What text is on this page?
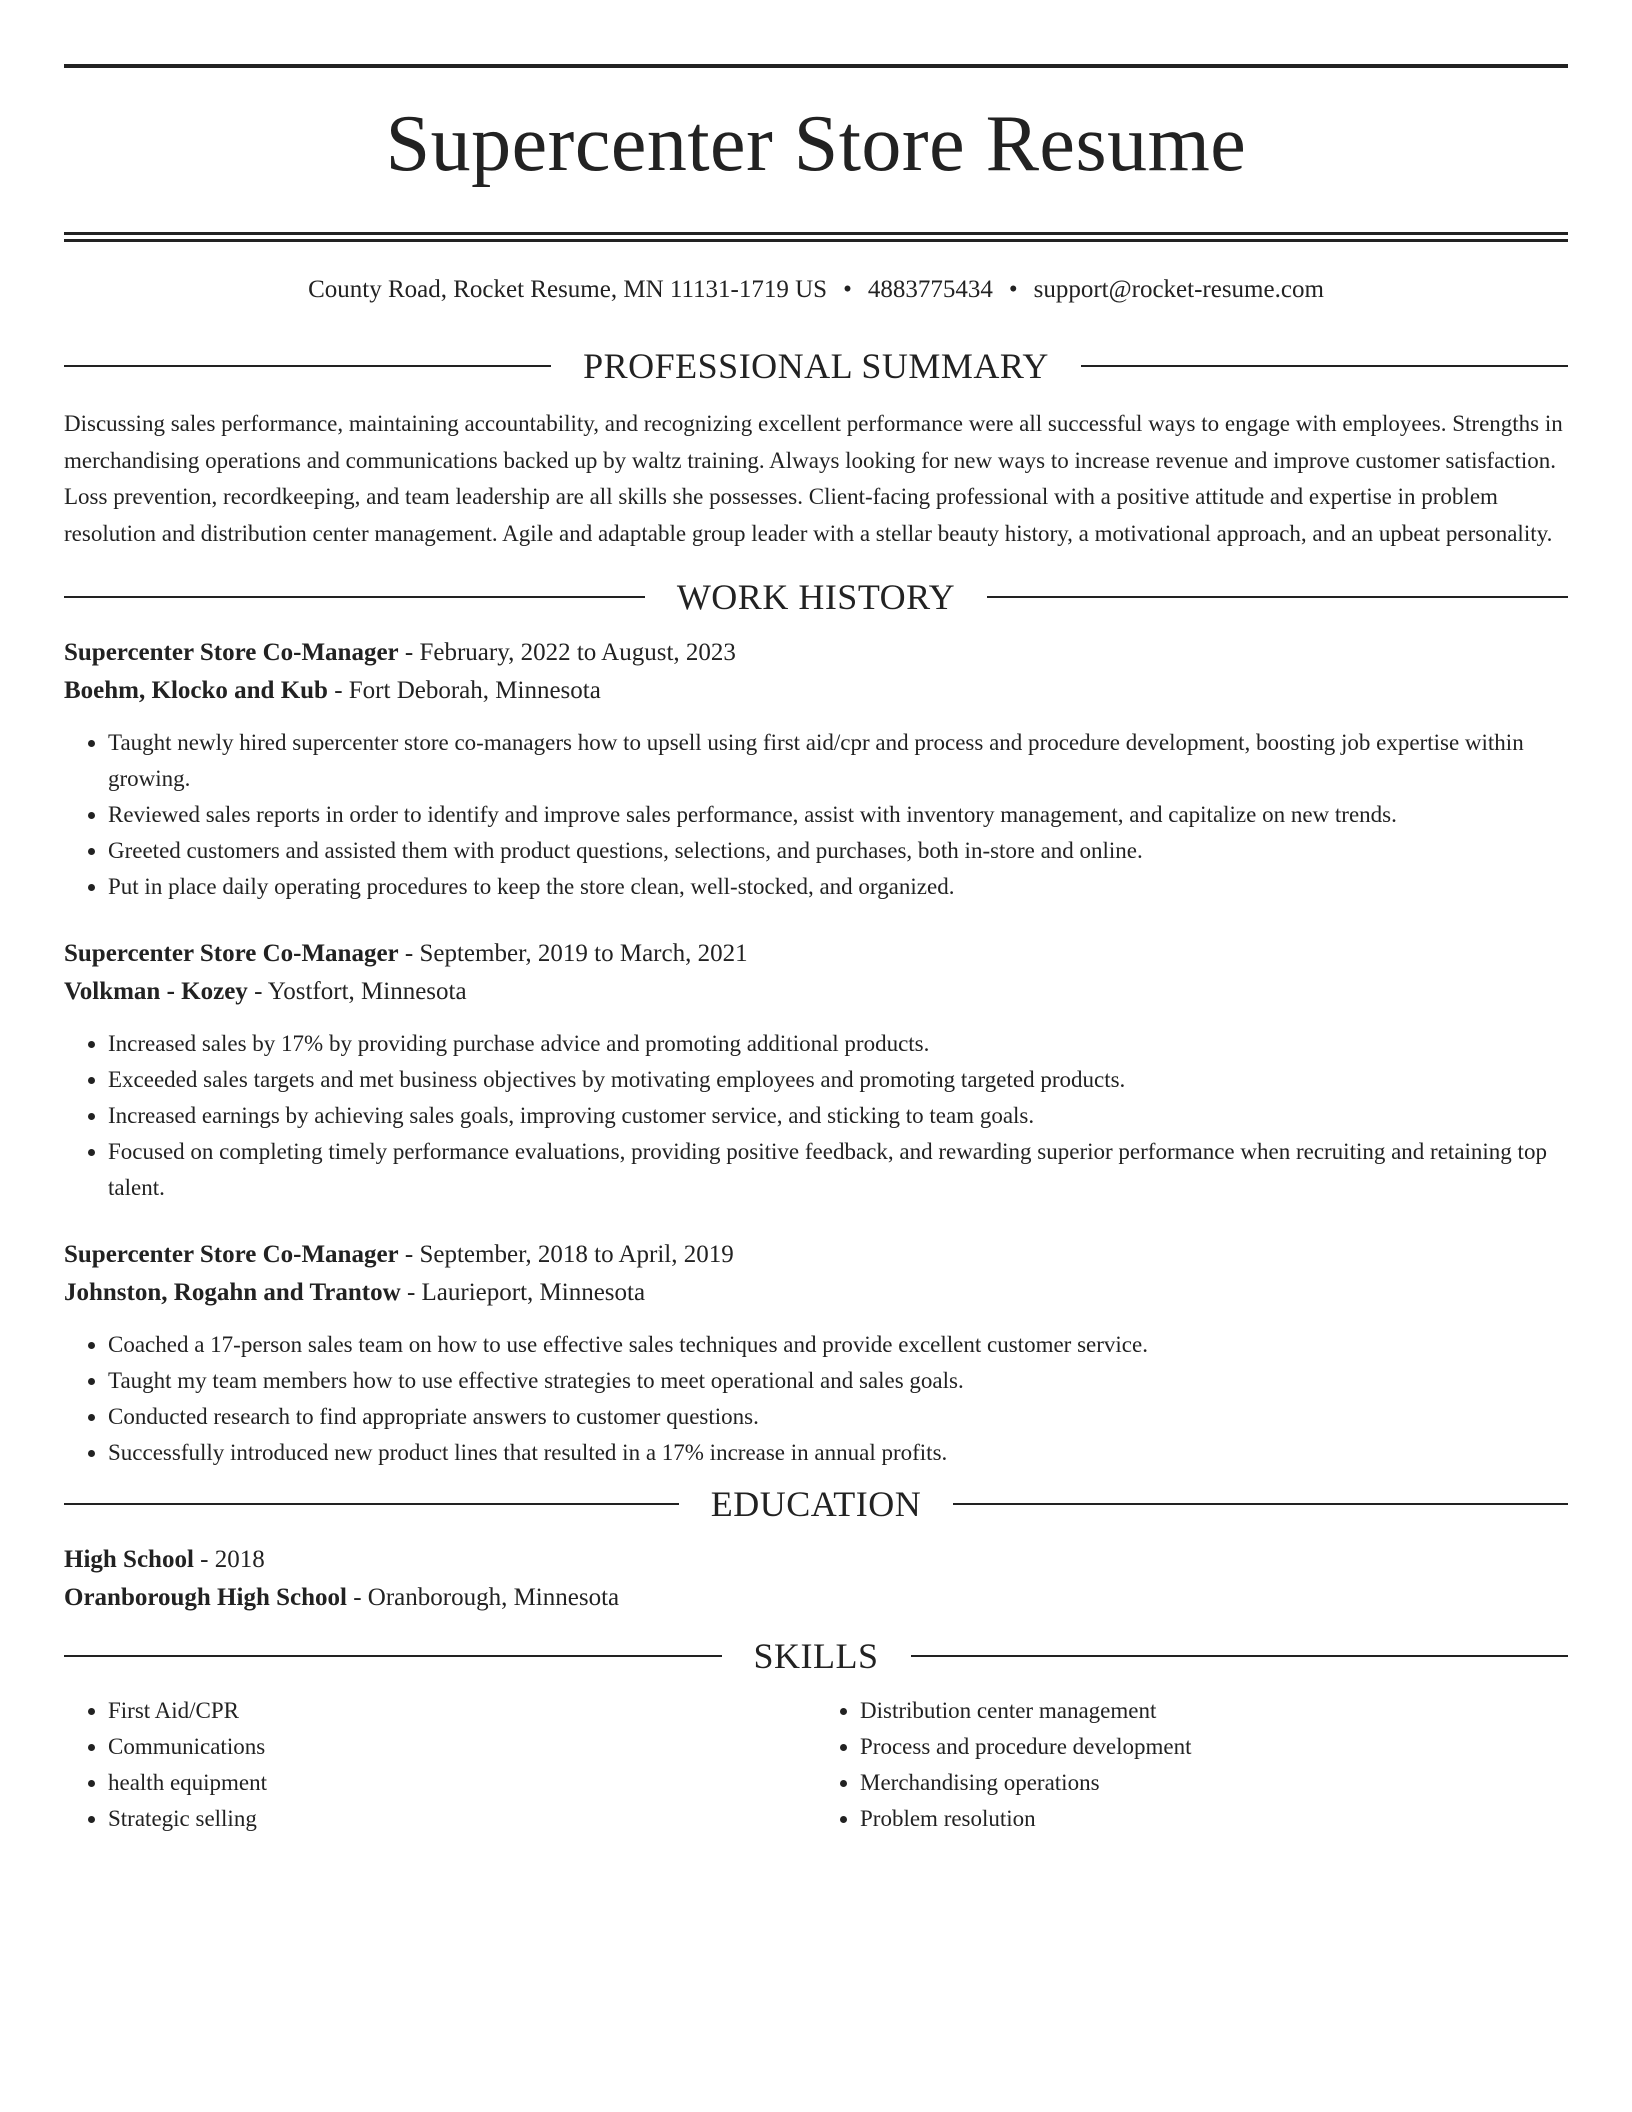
Supercenter Store Resume

County Road, Rocket Resume, MN 11131-1719 US • 4883775434 • support@rocket-resume.com

PROFESSIONAL SUMMARY

Discussing sales performance, maintaining accountability, and recognizing excellent performance were all successful ways to engage with employees. Strengths in merchandising operations and communications backed up by waltz training. Always looking for new ways to increase revenue and improve customer satisfaction. Loss prevention, recordkeeping, and team leadership are all skills she possesses. Client-facing professional with a positive attitude and expertise in problem resolution and distribution center management. Agile and adaptable group leader with a stellar beauty history, a motivational approach, and an upbeat personality.

WORK HISTORY

Supercenter Store Co-Manager - February, 2022 to August, 2023

Boehm, Klocko and Kub - Fort Deborah, Minnesota

• Taught newly hired supercenter store co-managers how to upsell using first aid/cpr and process and procedure development, boosting job expertise within growing.
• Reviewed sales reports in order to identify and improve sales performance, assist with inventory management, and capitalize on new trends.
• Greeted customers and assisted them with product questions, selections, and purchases, both in-store and online.
• Put in place daily operating procedures to keep the store clean, well-stocked, and organized.

Supercenter Store Co-Manager - September, 2019 to March, 2021

Volkman - Kozey - Yostfort, Minnesota

• Increased sales by 17% by providing purchase advice and promoting additional products.
• Exceeded sales targets and met business objectives by motivating employees and promoting targeted products.
• Increased earnings by achieving sales goals, improving customer service, and sticking to team goals.
• Focused on completing timely performance evaluations, providing positive feedback, and rewarding superior performance when recruiting and retaining top talent.

Supercenter Store Co-Manager - September, 2018 to April, 2019

Johnston, Rogahn and Trantow - Laurieport, Minnesota

• Coached a 17-person sales team on how to use effective sales techniques and provide excellent customer service.
• Taught my team members how to use effective strategies to meet operational and sales goals.
• Conducted research to find appropriate answers to customer questions.
• Successfully introduced new product lines that resulted in a 17% increase in annual profits.
EDUCATION

High School - 2018

Oranborough High School - Oranborough, Minnesota

SKILLS
• First Aid/CPR
• Communications
• health equipment
• Strategic selling
• Distribution center management
• Process and procedure development
• Merchandising operations
• Problem resolution
